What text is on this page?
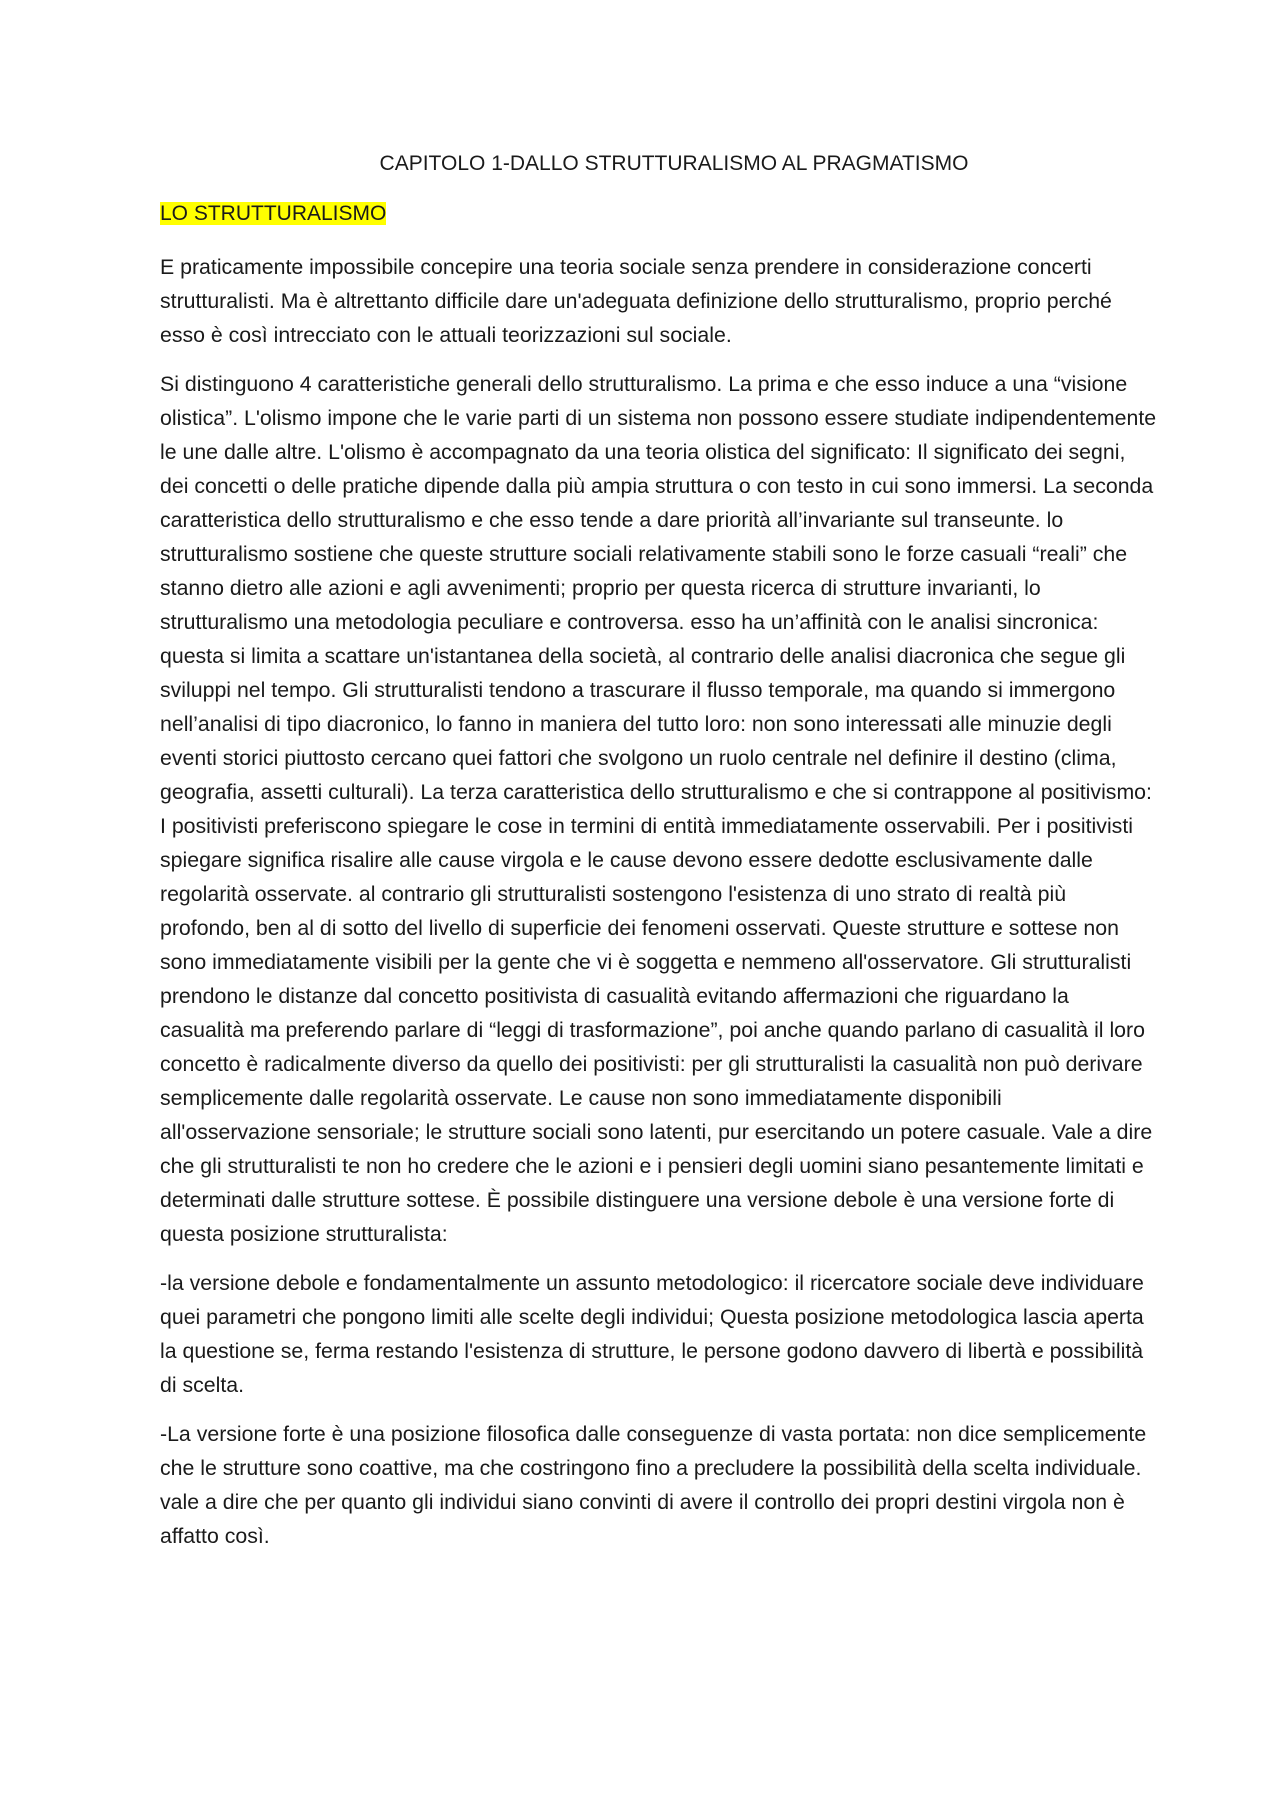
CAPITOLO 1-DALLO STRUTTURALISMO AL PRAGMATISMO
LO STRUTTURALISMO

E praticamente impossibile concepire una teoria sociale senza prendere in considerazione concerti strutturalisti. Ma è altrettanto difficile dare un'adeguata definizione dello strutturalismo, proprio perché esso è così intrecciato con le attuali teorizzazioni sul sociale.

Si distinguono 4 caratteristiche generali dello strutturalismo. La prima e che esso induce a una “visione olistica”. L'olismo impone che le varie parti di un sistema non possono essere studiate indipendentemente le une dalle altre. L'olismo è accompagnato da una teoria olistica del significato: Il significato dei segni, dei concetti o delle pratiche dipende dalla più ampia struttura o con testo in cui sono immersi. La seconda caratteristica dello strutturalismo e che esso tende a dare priorità all’invariante sul transeunte. lo strutturalismo sostiene che queste strutture sociali relativamente stabili sono le forze casuali “reali” che stanno dietro alle azioni e agli avvenimenti; proprio per questa ricerca di strutture invarianti, lo strutturalismo una metodologia peculiare e controversa. esso ha un’affinità con le analisi sincronica: questa si limita a scattare un'istantanea della società, al contrario delle analisi diacronica che segue gli sviluppi nel tempo. Gli strutturalisti tendono a trascurare il flusso temporale, ma quando si immergono nell’analisi di tipo diacronico, lo fanno in maniera del tutto loro: non sono interessati alle minuzie degli eventi storici piuttosto cercano quei fattori che svolgono un ruolo centrale nel definire il destino (clima, geografia, assetti culturali). La terza caratteristica dello strutturalismo e che si contrappone al positivismo: I positivisti preferiscono spiegare le cose in termini di entità immediatamente osservabili. Per i positivisti spiegare significa risalire alle cause virgola e le cause devono essere dedotte esclusivamente dalle regolarità osservate. al contrario gli strutturalisti sostengono l'esistenza di uno strato di realtà più profondo, ben al di sotto del livello di superficie dei fenomeni osservati. Queste strutture e sottese non sono immediatamente visibili per la gente che vi è soggetta e nemmeno all'osservatore. Gli strutturalisti prendono le distanze dal concetto positivista di casualità evitando affermazioni che riguardano la casualità ma preferendo parlare di “leggi di trasformazione”, poi anche quando parlano di casualità il loro concetto è radicalmente diverso da quello dei positivisti: per gli strutturalisti la casualità non può derivare semplicemente dalle regolarità osservate. Le cause non sono immediatamente disponibili all'osservazione sensoriale; le strutture sociali sono latenti, pur esercitando un potere casuale. Vale a dire che gli strutturalisti te non ho credere che le azioni e i pensieri degli uomini siano pesantemente limitati e determinati dalle strutture sottese. È possibile distinguere una versione debole è una versione forte di questa posizione strutturalista:

-la versione debole e fondamentalmente un assunto metodologico: il ricercatore sociale deve individuare quei parametri che pongono limiti alle scelte degli individui; Questa posizione metodologica lascia aperta la questione se, ferma restando l'esistenza di strutture, le persone godono davvero di libertà e possibilità di scelta.

-La versione forte è una posizione filosofica dalle conseguenze di vasta portata: non dice semplicemente che le strutture sono coattive, ma che costringono fino a precludere la possibilità della scelta individuale. vale a dire che per quanto gli individui siano convinti di avere il controllo dei propri destini virgola non è affatto così.
